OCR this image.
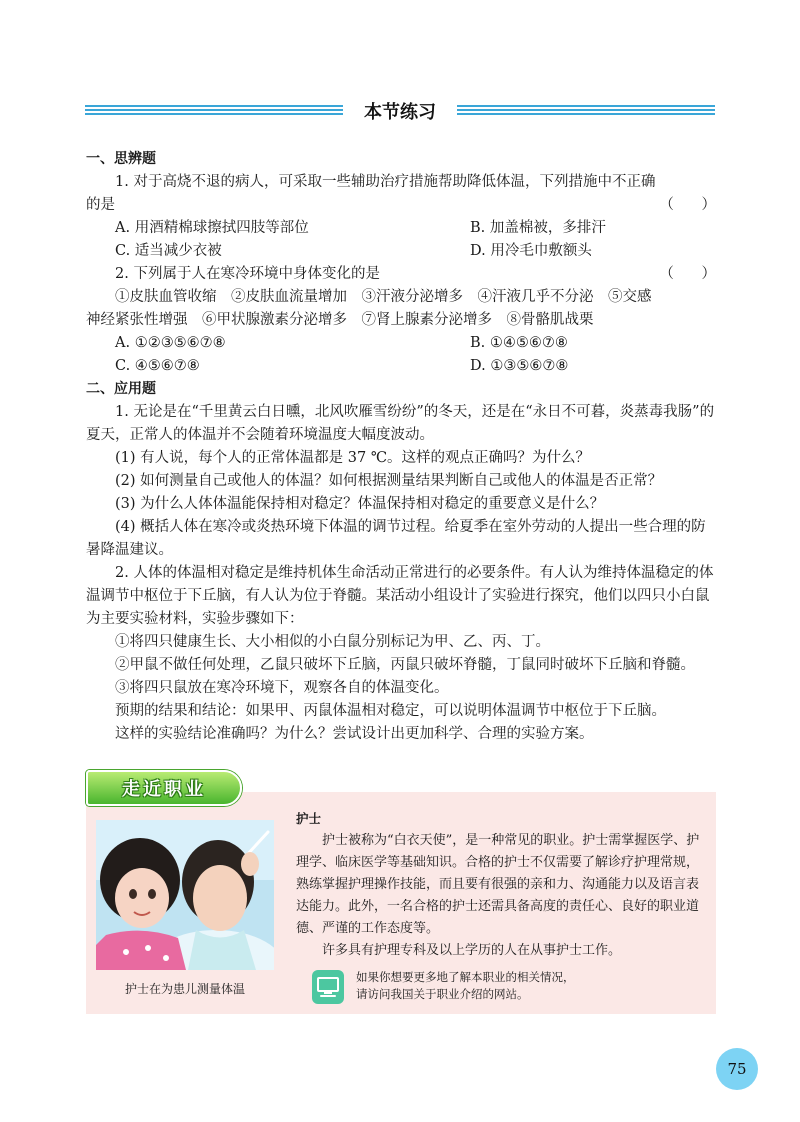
本节练习

一、思辨题

1. 对于高烧不退的病人，可采取一些辅助治疗措施帮助降低体温，下列措施中不正确

的是	（      ）

A. 用酒精棉球擦拭四肢等部位	B. 加盖棉被，多排汗
C. 适当减少衣被	D. 用冷毛巾敷额头

2. 下列属于人在寒冷环境中身体变化的是	（      ）

①皮肤血管收缩　②皮肤血流量增加　③汗液分泌增多　④汗液几乎不分泌　⑤交感

神经紧张性增强　⑥甲状腺激素分泌增多　⑦肾上腺素分泌增多　⑧骨骼肌战栗

A. ①②③⑤⑥⑦⑧	B. ①④⑤⑥⑦⑧
C. ④⑤⑥⑦⑧	D. ①③⑤⑥⑦⑧

二、应用题

1. 无论是在“千里黄云白日曛，北风吹雁雪纷纷”的冬天，还是在“永日不可暮，炎蒸毒我肠”的夏天，正常人的体温并不会随着环境温度大幅度波动。

(1) 有人说，每个人的正常体温都是 37 ℃。这样的观点正确吗？为什么？

(2) 如何测量自己或他人的体温？如何根据测量结果判断自己或他人的体温是否正常？

(3) 为什么人体体温能保持相对稳定？体温保持相对稳定的重要意义是什么？

(4) 概括人体在寒冷或炎热环境下体温的调节过程。给夏季在室外劳动的人提出一些合理的防暑降温建议。

2. 人体的体温相对稳定是维持机体生命活动正常进行的必要条件。有人认为维持体温稳定的体温调节中枢位于下丘脑，有人认为位于脊髓。某活动小组设计了实验进行探究，他们以四只小白鼠为主要实验材料，实验步骤如下：

①将四只健康生长、大小相似的小白鼠分别标记为甲、乙、丙、丁。

②甲鼠不做任何处理，乙鼠只破坏下丘脑，丙鼠只破坏脊髓，丁鼠同时破坏下丘脑和脊髓。

③将四只鼠放在寒冷环境下，观察各自的体温变化。

预期的结果和结论：如果甲、丙鼠体温相对稳定，可以说明体温调节中枢位于下丘脑。

这样的实验结论准确吗？为什么？尝试设计出更加科学、合理的实验方案。

走近职业
护士在为患儿测量体温

护士

护士被称为“白衣天使”，是一种常见的职业。护士需掌握医学、护理学、临床医学等基础知识。合格的护士不仅需要了解诊疗护理常规，熟练掌握护理操作技能，而且要有很强的亲和力、沟通能力以及语言表达能力。此外，一名合格的护士还需具备高度的责任心、良好的职业道德、严谨的工作态度等。

许多具有护理专科及以上学历的人在从事护士工作。

如果你想要更多地了解本职业的相关情况，
请访问我国关于职业介绍的网站。
75
